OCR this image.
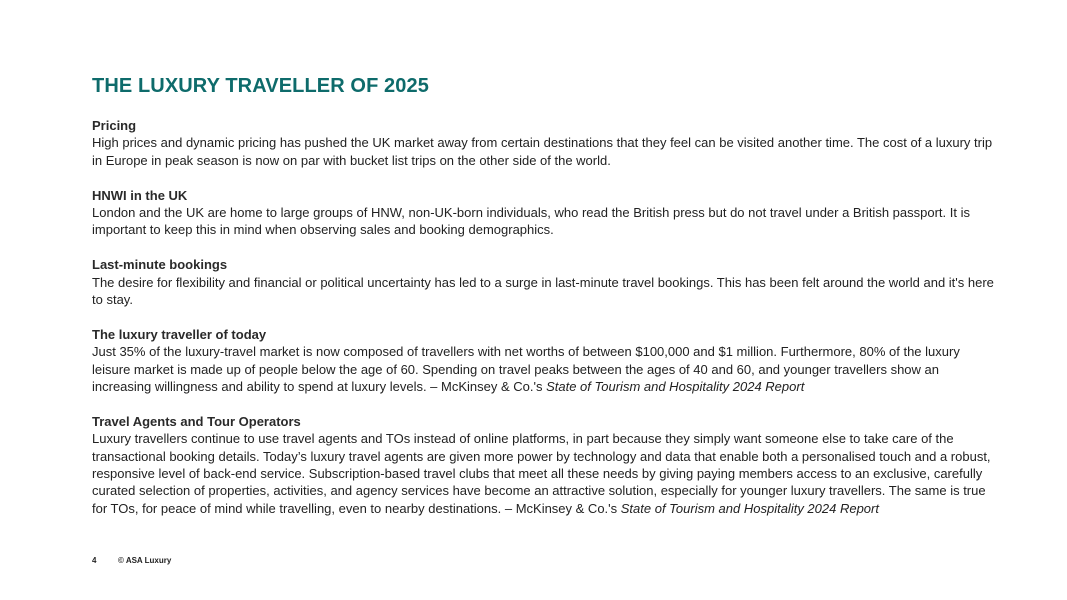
THE LUXURY TRAVELLER OF 2025
Pricing
High prices and dynamic pricing has pushed the UK market away from certain destinations that they feel can be visited another time. The cost of a luxury trip in Europe in peak season is now on par with bucket list trips on the other side of the world.
HNWI in the UK
London and the UK are home to large groups of HNW, non-UK-born individuals, who read the British press but do not travel under a British passport. It is important to keep this in mind when observing sales and booking demographics.
Last-minute bookings
The desire for flexibility and financial or political uncertainty has led to a surge in last-minute travel bookings. This has been felt around the world and it's here to stay.
The luxury traveller of today
Just 35% of the luxury-travel market is now composed of travellers with net worths of between $100,000 and $1 million. Furthermore, 80% of the luxury leisure market is made up of people below the age of 60. Spending on travel peaks between the ages of 40 and 60, and younger travellers show an increasing willingness and ability to spend at luxury levels. – McKinsey & Co.'s State of Tourism and Hospitality 2024 Report
Travel Agents and Tour Operators
Luxury travellers continue to use travel agents and TOs instead of online platforms, in part because they simply want someone else to take care of the transactional booking details. Today’s luxury travel agents are given more power by technology and data that enable both a personalised touch and a robust, responsive level of back-end service. Subscription-based travel clubs that meet all these needs by giving paying members access to an exclusive, carefully curated selection of properties, activities, and agency services have become an attractive solution, especially for younger luxury travellers. The same is true for TOs, for peace of mind while travelling, even to nearby destinations. – McKinsey & Co.'s State of Tourism and Hospitality 2024 Report
4	© ASA Luxury
